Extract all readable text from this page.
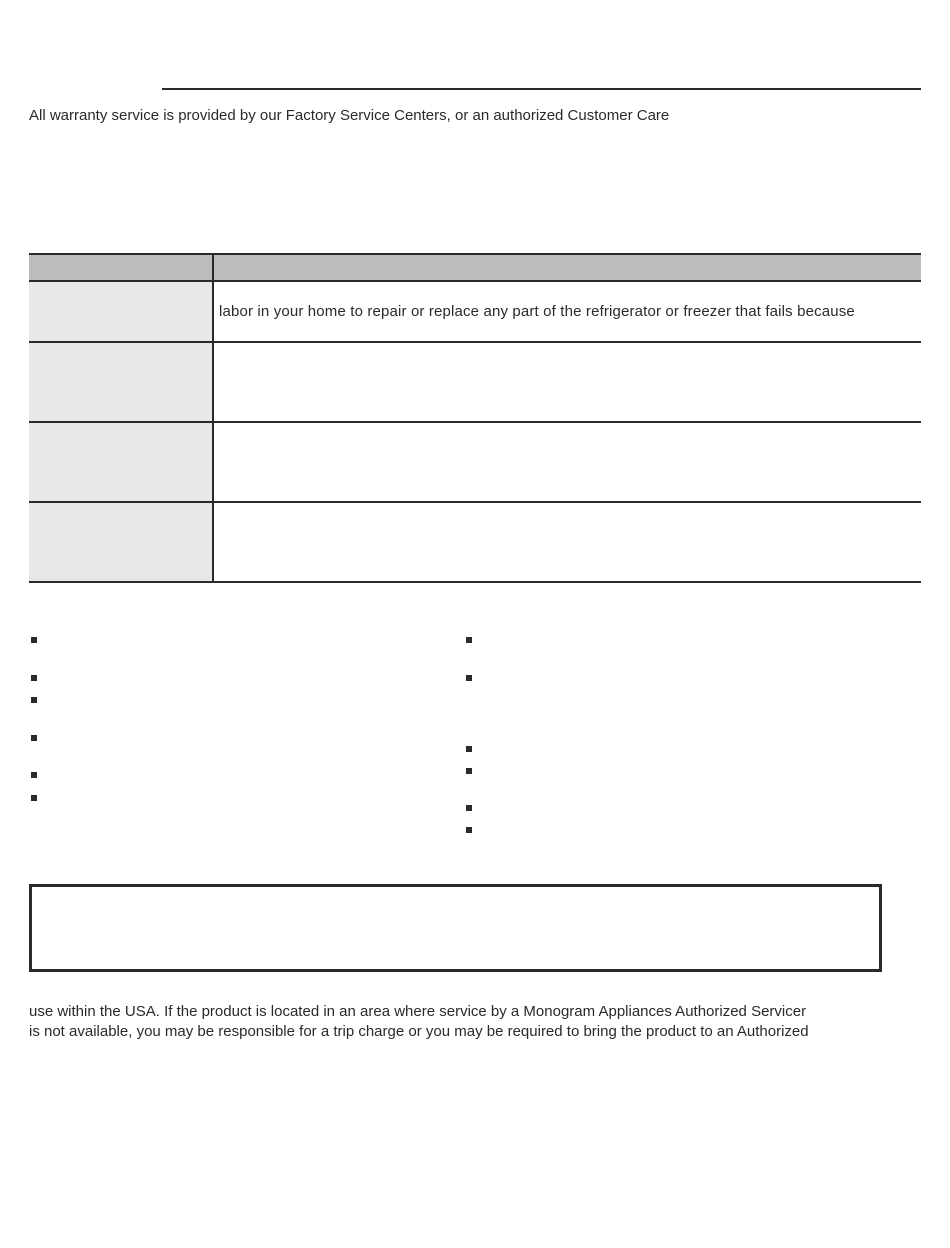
All warranty service is provided by our Factory Service Centers, or an authorized Customer Care
labor in your home to repair or replace any part of the refrigerator or freezer that fails because
use within the USA. If the product is located in an area where service by a Monogram Appliances Authorized Servicer
is not available, you may be responsible for a trip charge or you may be required to bring the product to an Authorized
